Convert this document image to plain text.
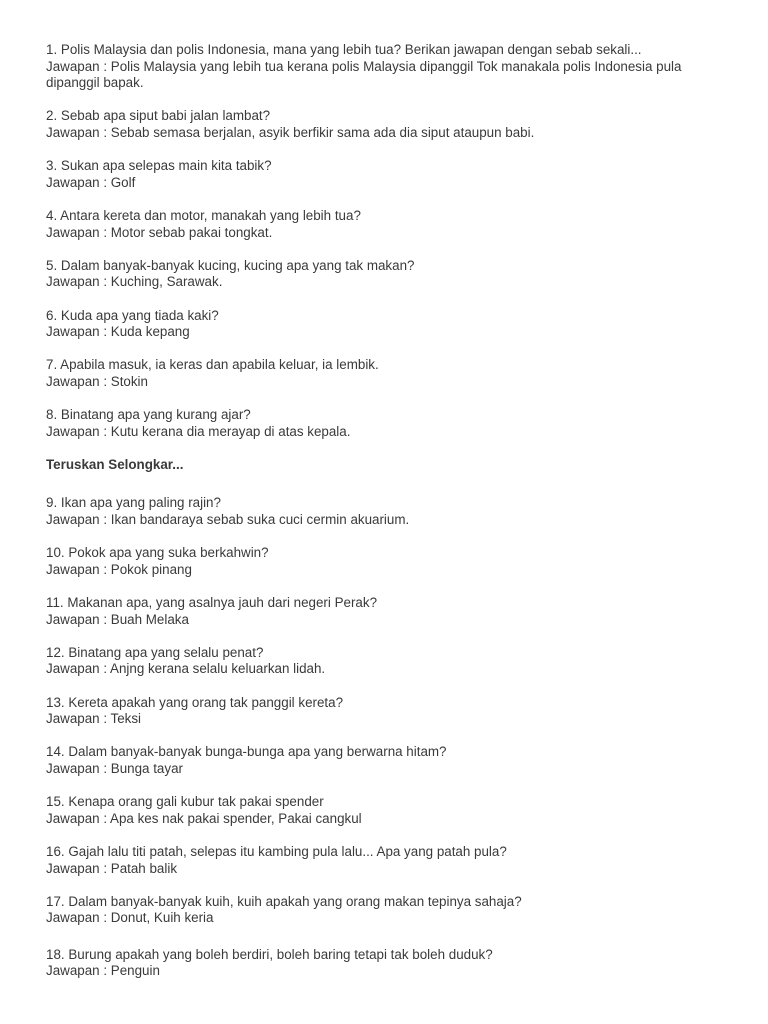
1. Polis Malaysia dan polis Indonesia, mana yang lebih tua? Berikan jawapan dengan sebab sekali...
Jawapan : Polis Malaysia yang lebih tua kerana polis Malaysia dipanggil Tok manakala polis Indonesia pula dipanggil bapak.
2. Sebab apa siput babi jalan lambat?
Jawapan : Sebab semasa berjalan, asyik berfikir sama ada dia siput ataupun babi.
3. Sukan apa selepas main kita tabik?
Jawapan : Golf
4. Antara kereta dan motor, manakah yang lebih tua?
Jawapan : Motor sebab pakai tongkat.
5. Dalam banyak-banyak kucing, kucing apa yang tak makan?
Jawapan : Kuching, Sarawak.
6. Kuda apa yang tiada kaki?
Jawapan : Kuda kepang
7. Apabila masuk, ia keras dan apabila keluar, ia lembik.
Jawapan : Stokin
8. Binatang apa yang kurang ajar?
Jawapan : Kutu kerana dia merayap di atas kepala.
Teruskan Selongkar...
9. Ikan apa yang paling rajin?
Jawapan : Ikan bandaraya sebab suka cuci cermin akuarium.
10. Pokok apa yang suka berkahwin?
Jawapan : Pokok pinang
11. Makanan apa, yang asalnya jauh dari negeri Perak?
Jawapan : Buah Melaka
12. Binatang apa yang selalu penat?
Jawapan : Anjng kerana selalu keluarkan lidah.
13. Kereta apakah yang orang tak panggil kereta?
Jawapan : Teksi
14. Dalam banyak-banyak bunga-bunga apa yang berwarna hitam?
Jawapan : Bunga tayar
15. Kenapa orang gali kubur tak pakai spender
Jawapan : Apa kes nak pakai spender, Pakai cangkul
16. Gajah lalu titi patah, selepas itu kambing pula lalu... Apa yang patah pula?
Jawapan : Patah balik
17. Dalam banyak-banyak kuih, kuih apakah yang orang makan tepinya sahaja?
Jawapan : Donut, Kuih keria
18. Burung apakah yang boleh berdiri, boleh baring tetapi tak boleh duduk?
Jawapan : Penguin
